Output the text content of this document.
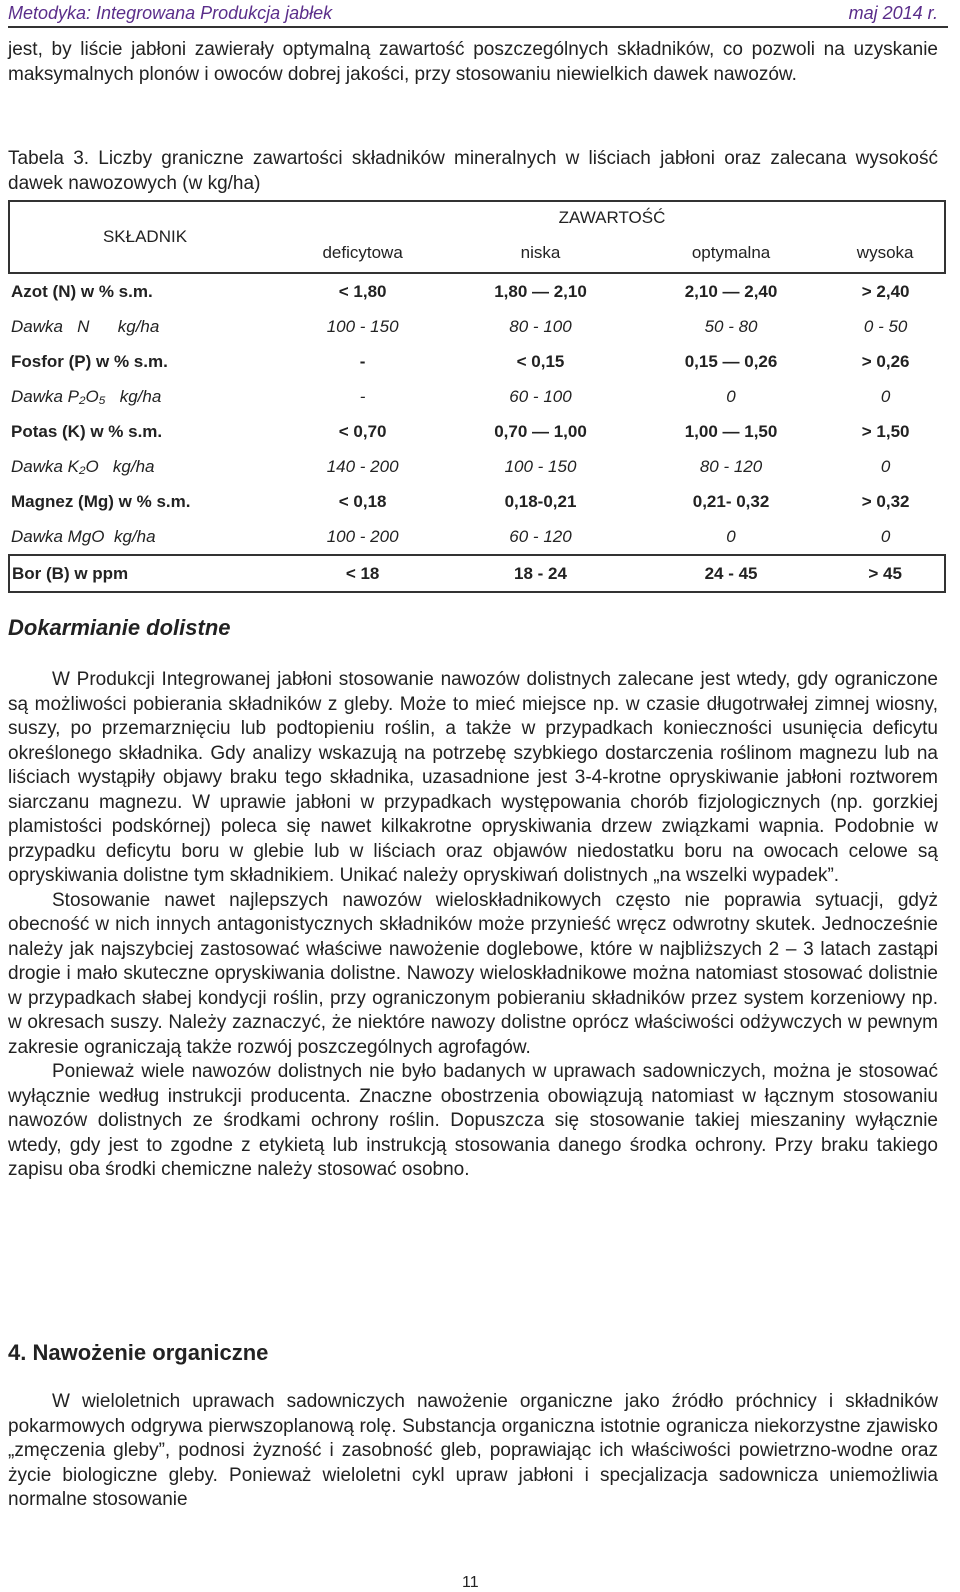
Metodyka: Integrowana Produkcja jabłek	maj 2014 r.
jest, by liście jabłoni zawierały optymalną zawartość poszczególnych składników, co pozwoli na uzyskanie maksymalnych plonów i owoców dobrej jakości, przy stosowaniu niewielkich dawek nawozów.
Tabela 3. Liczby graniczne zawartości składników mineralnych w liściach jabłoni oraz zalecana wysokość dawek nawozowych (w kg/ha)
SKŁADNIK	ZAWARTOŚĆ			
	deficytowa	niska	optymalna	wysoka
Azot (N) w % s.m.	< 1,80	1,80 ― 2,10	2,10 ― 2,40	> 2,40
Dawka   N      kg/ha	100 - 150	80 - 100	50 - 80	0 - 50
Fosfor (P) w % s.m.	-	< 0,15	0,15 ― 0,26	> 0,26
Dawka P₂O₅   kg/ha	-	60 - 100	0	0
Potas (K) w % s.m.	< 0,70	0,70 ― 1,00	1,00 ― 1,50	> 1,50
Dawka K₂O   kg/ha	140 - 200	100 - 150	80 - 120	0
Magnez (Mg) w % s.m.	< 0,18	0,18-0,21	0,21- 0,32	> 0,32
Dawka MgO  kg/ha	100 - 200	60 - 120	0	0
Bor (B) w ppm	< 18	18 - 24	24 - 45	> 45
Dokarmianie dolistne
W Produkcji Integrowanej jabłoni stosowanie nawozów dolistnych zalecane jest wtedy, gdy ograniczone są możliwości pobierania składników z gleby. Może to mieć miejsce np. w czasie długotrwałej zimnej wiosny, suszy, po przemarznięciu lub podtopieniu roślin, a także w przypadkach konieczności usunięcia deficytu określonego składnika. Gdy analizy wskazują na potrzebę szybkiego dostarczenia roślinom magnezu lub na liściach wystąpiły objawy braku tego składnika, uzasadnione jest 3-4-krotne opryskiwanie jabłoni roztworem siarczanu magnezu. W uprawie jabłoni w przypadkach występowania chorób fizjologicznych (np. gorzkiej plamistości podskórnej) poleca się nawet kilkakrotne opryskiwania drzew związkami wapnia. Podobnie w przypadku deficytu boru w glebie lub w liściach oraz objawów niedostatku boru na owocach celowe są opryskiwania dolistne tym składnikiem. Unikać należy opryskiwań dolistnych „na wszelki wypadek”.
Stosowanie nawet najlepszych nawozów wieloskładnikowych często nie poprawia sytuacji, gdyż obecność w nich innych antagonistycznych składników może przynieść wręcz odwrotny skutek. Jednocześnie należy jak najszybciej zastosować właściwe nawożenie doglebowe, które w najbliższych 2 – 3 latach zastąpi drogie i mało skuteczne opryskiwania dolistne. Nawozy wieloskładnikowe można natomiast stosować dolistnie w przypadkach słabej kondycji roślin, przy ograniczonym pobieraniu składników przez system korzeniowy np. w okresach suszy. Należy zaznaczyć, że niektóre nawozy dolistne oprócz właściwości odżywczych w pewnym zakresie ograniczają także rozwój poszczególnych agrofagów.
Ponieważ wiele nawozów dolistnych nie było badanych w uprawach sadowniczych, można je stosować wyłącznie według instrukcji producenta. Znaczne obostrzenia obowiązują natomiast w łącznym stosowaniu nawozów dolistnych ze środkami ochrony roślin. Dopuszcza się stosowanie takiej mieszaniny wyłącznie wtedy, gdy jest to zgodne z etykietą lub instrukcją stosowania danego środka ochrony. Przy braku takiego zapisu oba środki chemiczne należy stosować osobno.
4. Nawożenie organiczne
W wieloletnich uprawach sadowniczych nawożenie organiczne jako źródło próchnicy i składników pokarmowych odgrywa pierwszoplanową rolę. Substancja organiczna istotnie ogranicza niekorzystne zjawisko „zmęczenia gleby”, podnosi żyzność i zasobność gleb, poprawiając ich właściwości powietrzno-wodne oraz życie biologiczne gleby. Ponieważ wieloletni cykl upraw jabłoni i specjalizacja sadownicza uniemożliwia normalne stosowanie
11
